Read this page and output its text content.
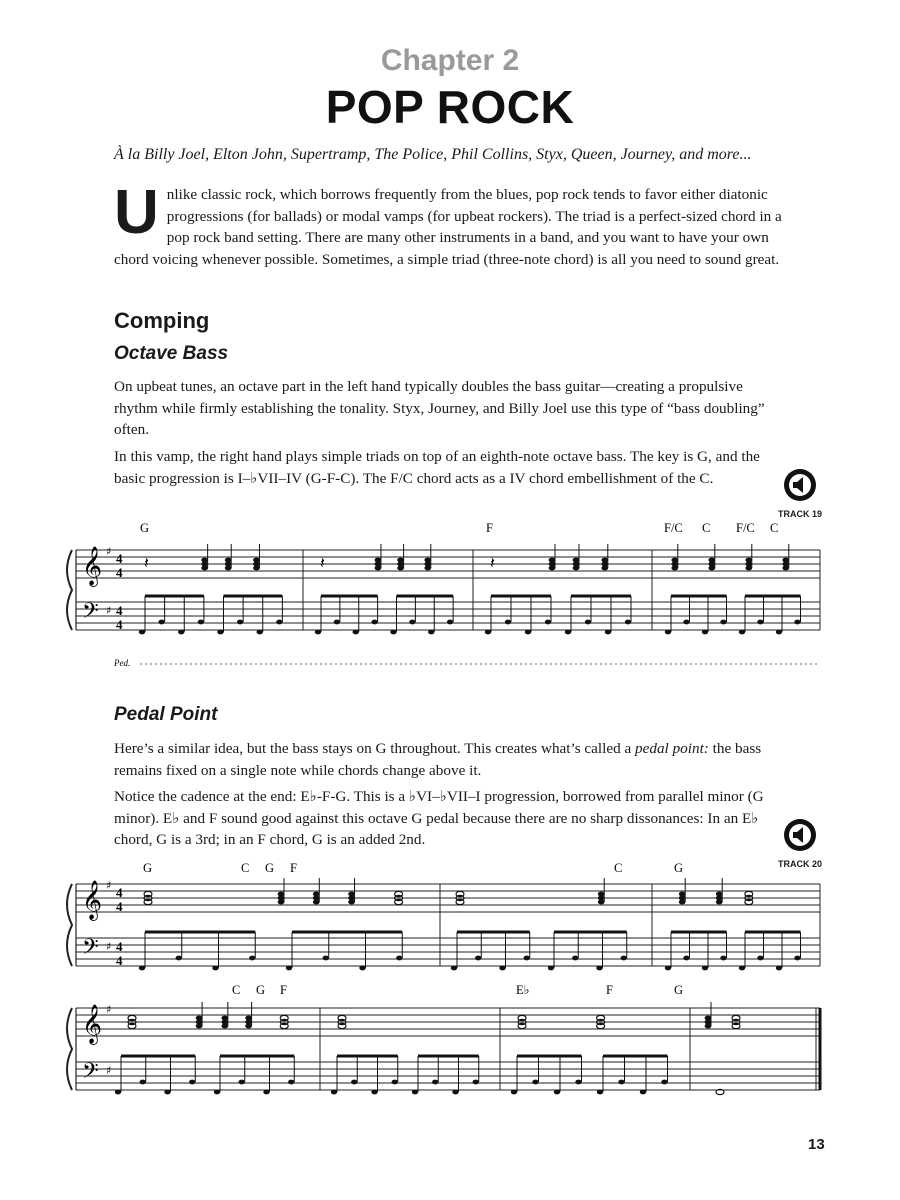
Chapter 2
POP ROCK
À la Billy Joel, Elton John, Supertramp, The Police, Phil Collins, Styx, Queen, Journey, and more...

Unlike classic rock, which borrows frequently from the blues, pop rock tends to favor either diatonic progressions (for ballads) or modal vamps (for upbeat rockers). The triad is a perfect-sized chord in a pop rock band setting. There are many other instruments in a band, and you want to have your own chord voicing whenever possible. Sometimes, a simple triad (three-note chord) is all you need to sound great.

Comping
Octave Bass

On upbeat tunes, an octave part in the left hand typically doubles the bass guitar—creating a propulsive rhythm while firmly establishing the tonality. Styx, Journey, and Billy Joel use this type of “bass doubling” often.

In this vamp, the right hand plays simple triads on top of an eighth-note octave bass. The key is G, and the basic progression is I–♭VII–IV (G-F-C). The F/C chord acts as a IV chord embellishment of the C.

TRACK 19
G	F	F/C C F/C C
𝄞
𝄢
♯
♯
4
4
4
4
𝄽	𝄽	𝄽
Ped.
Pedal Point

Here’s a similar idea, but the bass stays on G throughout. This creates what’s called a pedal point: the bass remains fixed on a single note while chords change above it.

Notice the cadence at the end: E♭-F-G. This is a ♭VI–♭VII–I progression, borrowed from parallel minor (G minor). E♭ and F sound good against this octave G pedal because there are no sharp dissonances: In an E♭ chord, G is a 3rd; in an F chord, G is an added 2nd.

TRACK 20
G	C G F	C	G
𝄞
𝄢
♯
♯
4
4
4
4
C G F	E♭	F	G
𝄞
𝄢
♯
♯
13
